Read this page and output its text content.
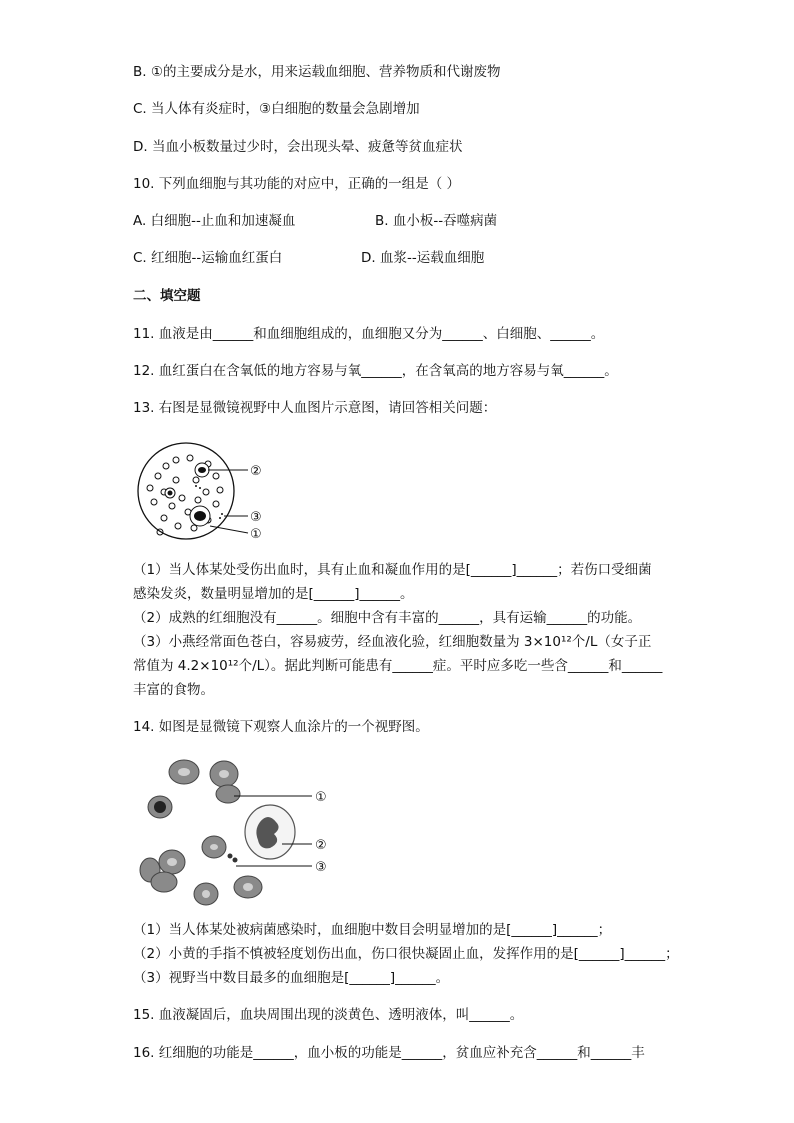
B. ①的主要成分是水，用来运载血细胞、营养物质和代谢废物
C. 当人体有炎症时，③白细胞的数量会急剧增加
D. 当血小板数量过少时，会出现头晕、疲惫等贫血症状
10. 下列血细胞与其功能的对应中，正确的一组是（ ）
A. 白细胞--止血和加速凝血	B. 血小板--吞噬病菌
C. 红细胞--运输血红蛋白	D. 血浆--运载血细胞
二、填空题
11. 血液是由______和血细胞组成的，血细胞又分为______、白细胞、______。
12. 血红蛋白在含氧低的地方容易与氧______，在含氧高的地方容易与氧______。
13. 右图是显微镜视野中人血图片示意图，请回答相关问题：
②
③
①
（1）当人体某处受伤出血时，具有止血和凝血作用的是[______]______；若伤口受细菌
感染发炎，数量明显增加的是[______]______。
（2）成熟的红细胞没有______。细胞中含有丰富的______，具有运输______的功能。
（3）小燕经常面色苍白，容易疲劳，经血液化验，红细胞数量为 3×10¹²个/L（女子正
常值为 4.2×10¹²个/L）。据此判断可能患有______症。平时应多吃一些含______和______
丰富的食物。
14. 如图是显微镜下观察人血涂片的一个视野图。
①
②
③
（1）当人体某处被病菌感染时，血细胞中数目会明显增加的是[______]______；
（2）小黄的手指不慎被轻度划伤出血，伤口很快凝固止血，发挥作用的是[______]______；
（3）视野当中数目最多的血细胞是[______]______。
15. 血液凝固后，血块周围出现的淡黄色、透明液体，叫______。
16. 红细胞的功能是______，血小板的功能是______，贫血应补充含______和______丰
